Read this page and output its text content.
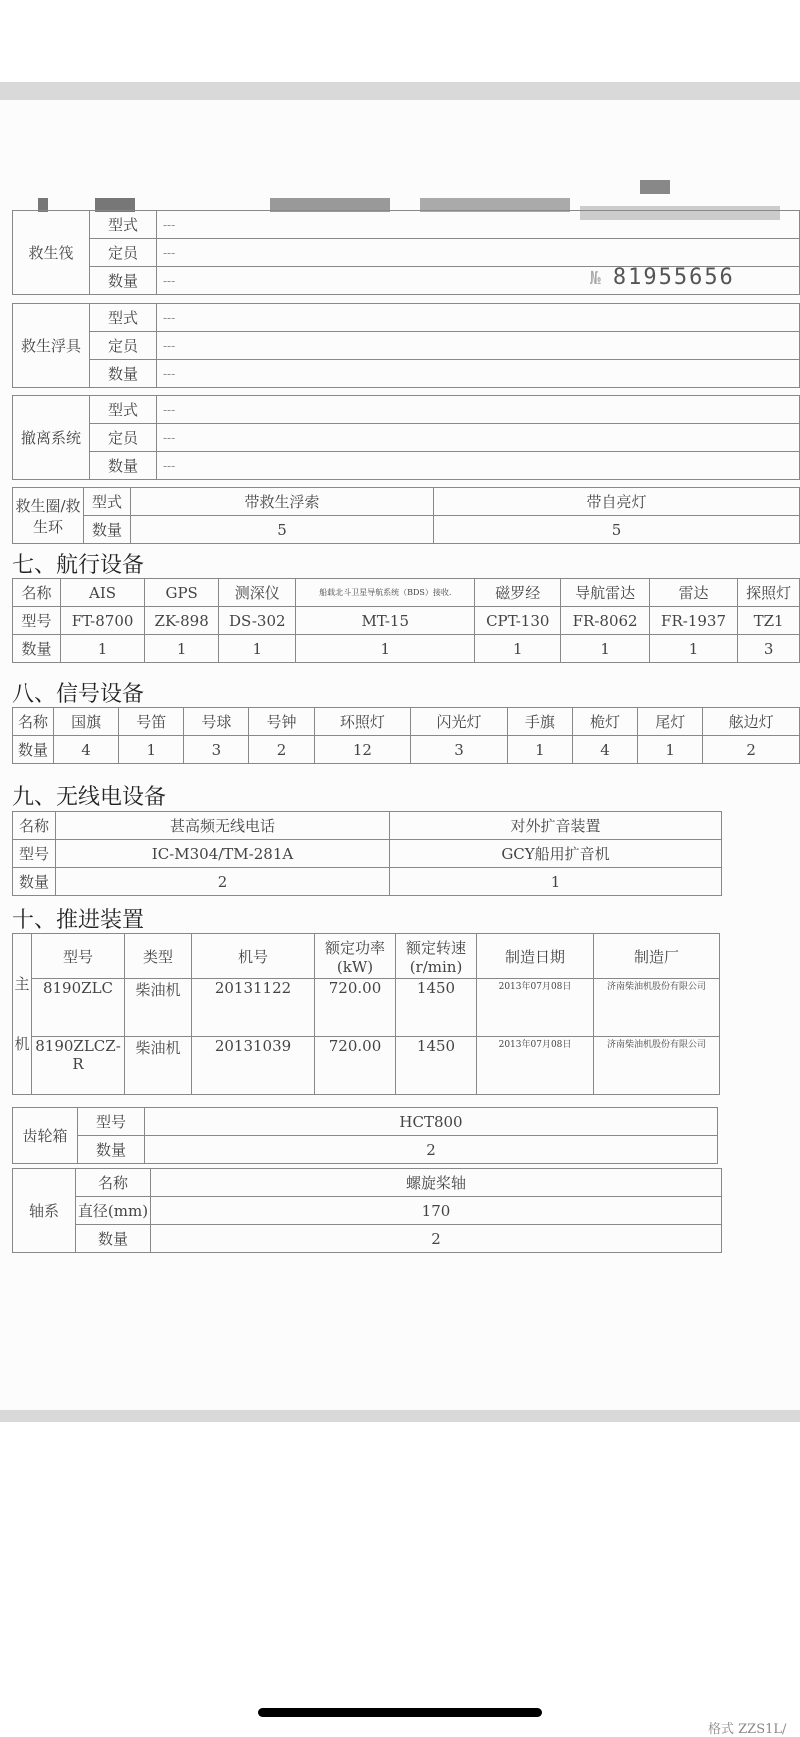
№ 81955656
救生筏	型式	---
	定员	---
	数量	---
救生浮具	型式	---
	定员	---
	数量	---
撤离系统	型式	---
	定员	---
	数量	---
救生圈/救生环	型式	带救生浮索	带自亮灯
	数量	5	5
七、航行设备
名称	AIS	GPS	测深仪	船载北斗卫星导航系统（BDS）接收.	磁罗经	导航雷达	雷达	探照灯
型号	FT-8700	ZK-898	DS-302	MT-15	CPT-130	FR-8062	FR-1937	TZ1
数量	1	1	1	1	1	1	1	3
八、信号设备
名称	国旗	号笛	号球	号钟	环照灯	闪光灯	手旗	桅灯	尾灯	舷边灯
数量	4	1	3	2	12	3	1	4	1	2
九、无线电设备
名称	甚高频无线电话	对外扩音装置
型号	IC-M304/TM-281A	GCY船用扩音机
数量	2	1
十、推进装置
主
机	型号	类型	机号	额定功率(kW)	额定转速(r/min)	制造日期	制造厂
	8190ZLC	柴油机	20131122	720.00	1450	2013年07月08日	济南柴油机股份有限公司
	8190ZLCZ-R	柴油机	20131039	720.00	1450	2013年07月08日	济南柴油机股份有限公司
齿轮箱	型号	HCT800
	数量	2
轴系	名称	螺旋桨轴
	直径(mm)	170
	数量	2
格式 ZZS1L/
